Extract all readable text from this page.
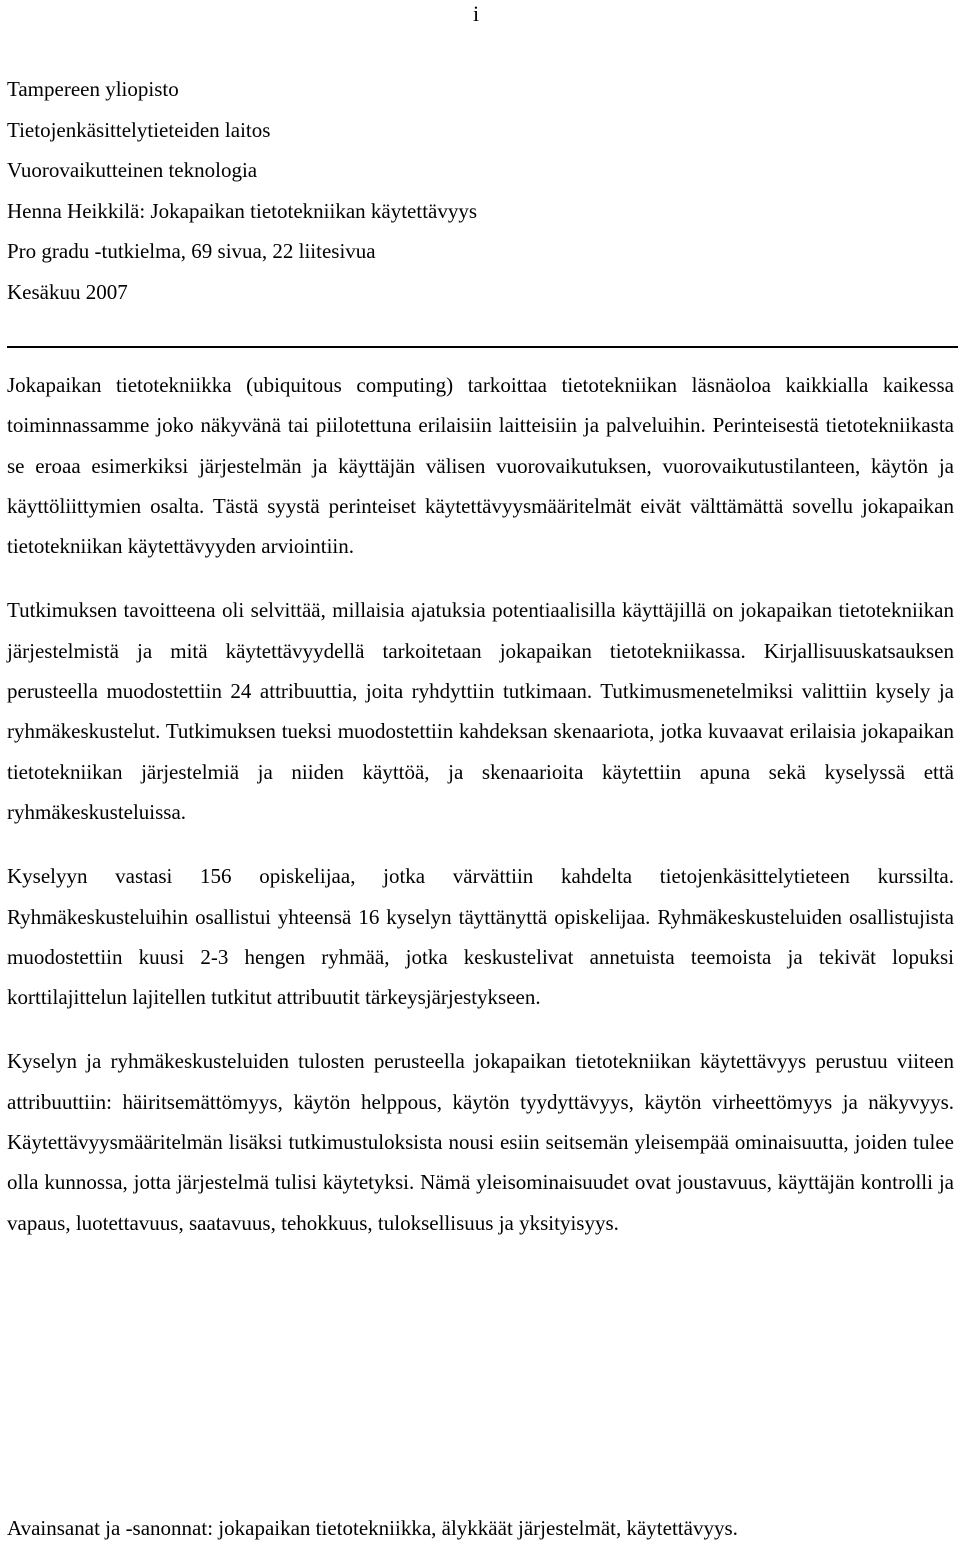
i
Tampereen yliopisto
Tietojenkäsittelytieteiden laitos
Vuorovaikutteinen teknologia
Henna Heikkilä: Jokapaikan tietotekniikan käytettävyys
Pro gradu -tutkielma, 69 sivua, 22 liitesivua
Kesäkuu 2007

Jokapaikan tietotekniikka (ubiquitous computing) tarkoittaa tietotekniikan läsnäoloa kaikkialla kaikessa toiminnassamme joko näkyvänä tai piilotettuna erilaisiin laitteisiin ja palveluihin. Perinteisestä tietotekniikasta se eroaa esimerkiksi järjestelmän ja käyttäjän välisen vuorovaikutuksen, vuorovaikutustilanteen, käytön ja käyttöliittymien osalta. Tästä syystä perinteiset käytettävyysmääritelmät eivät välttämättä sovellu jokapaikan tietotekniikan käytettävyyden arviointiin.

Tutkimuksen tavoitteena oli selvittää, millaisia ajatuksia potentiaalisilla käyttäjillä on jokapaikan tietotekniikan järjestelmistä ja mitä käytettävyydellä tarkoitetaan jokapaikan tietotekniikassa. Kirjallisuuskatsauksen perusteella muodostettiin 24 attribuuttia, joita ryhdyttiin tutkimaan. Tutkimusmenetelmiksi valittiin kysely ja ryhmäkeskustelut. Tutkimuksen tueksi muodostettiin kahdeksan skenaariota, jotka kuvaavat erilaisia jokapaikan tietotekniikan järjestelmiä ja niiden käyttöä, ja skenaarioita käytettiin apuna sekä kyselyssä että ryhmäkeskusteluissa.

Kyselyyn vastasi 156 opiskelijaa, jotka värvättiin kahdelta tietojenkäsittelytieteen kurssilta. Ryhmäkeskusteluihin osallistui yhteensä 16 kyselyn täyttänyttä opiskelijaa. Ryhmäkeskusteluiden osallistujista muodostettiin kuusi 2-3 hengen ryhmää, jotka keskustelivat annetuista teemoista ja tekivät lopuksi korttilajittelun lajitellen tutkitut attribuutit tärkeysjärjestykseen.

Kyselyn ja ryhmäkeskusteluiden tulosten perusteella jokapaikan tietotekniikan käytettävyys perustuu viiteen attribuuttiin: häiritsemättömyys, käytön helppous, käytön tyydyttävyys, käytön virheettömyys ja näkyvyys. Käytettävyysmääritelmän lisäksi tutkimustuloksista nousi esiin seitsemän yleisempää ominaisuutta, joiden tulee olla kunnossa, jotta järjestelmä tulisi käytetyksi. Nämä yleisominaisuudet ovat joustavuus, käyttäjän kontrolli ja vapaus, luotettavuus, saatavuus, tehokkuus, tuloksellisuus ja yksityisyys.

Avainsanat ja -sanonnat: jokapaikan tietotekniikka, älykkäät järjestelmät, käytettävyys.
